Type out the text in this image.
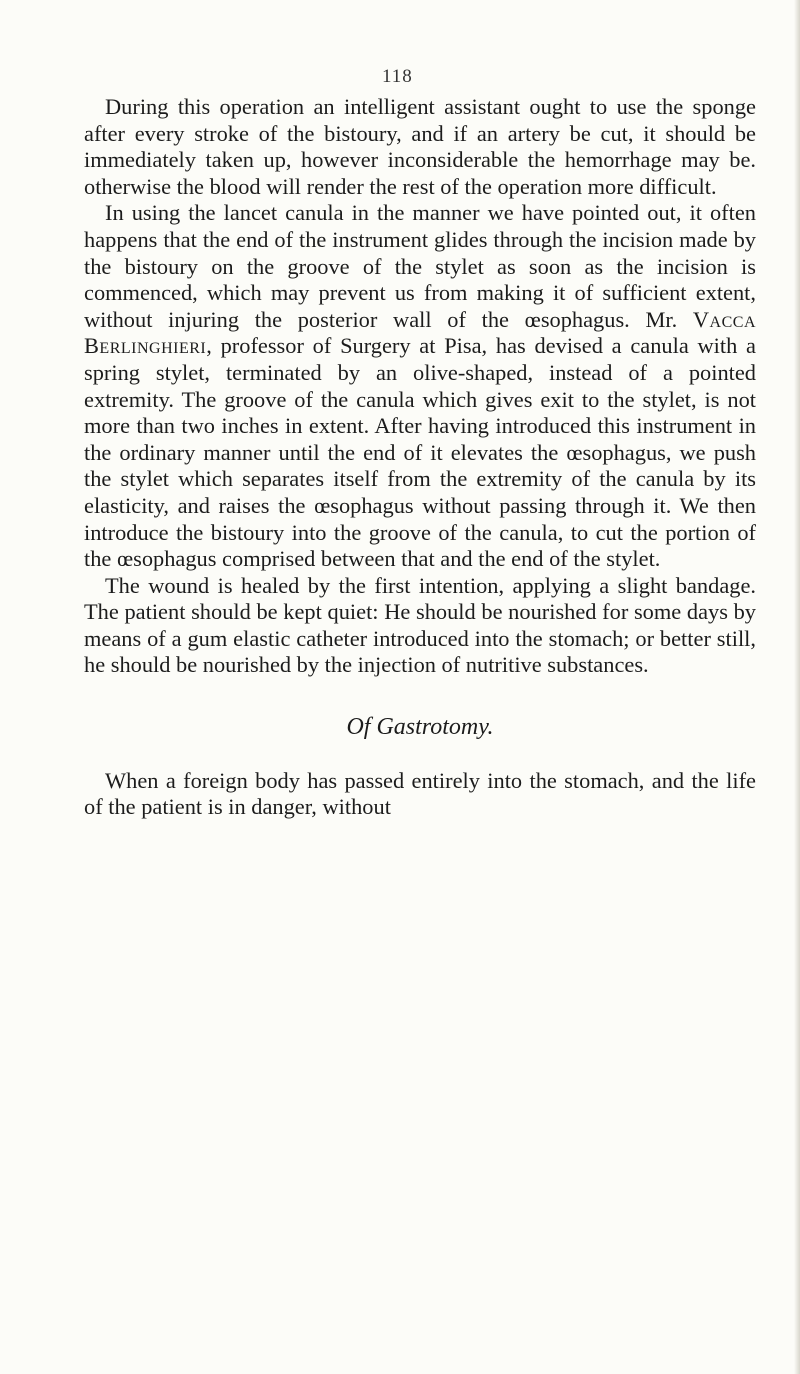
118

During this operation an intelligent assistant ought to use the sponge after every stroke of the bistoury, and if an artery be cut, it should be immediately taken up, however inconsiderable the hemorrhage may be. otherwise the blood will render the rest of the operation more difficult.

In using the lancet canula in the manner we have pointed out, it often happens that the end of the instrument glides through the incision made by the bistoury on the groove of the stylet as soon as the incision is commenced, which may prevent us from making it of sufficient extent, without injuring the posterior wall of the œsophagus. Mr. Vacca Berlinghieri, professor of Surgery at Pisa, has devised a canula with a spring stylet, terminated by an olive-shaped, instead of a pointed extremity. The groove of the canula which gives exit to the stylet, is not more than two inches in extent. After having introduced this instrument in the ordinary manner until the end of it elevates the œsophagus, we push the stylet which separates itself from the extremity of the canula by its elasticity, and raises the œsophagus without passing through it. We then introduce the bistoury into the groove of the canula, to cut the portion of the œsophagus comprised between that and the end of the stylet.

The wound is healed by the first intention, applying a slight bandage. The patient should be kept quiet: He should be nourished for some days by means of a gum elastic catheter introduced into the stomach; or better still, he should be nourished by the injection of nutritive substances.

Of Gastrotomy.

When a foreign body has passed entirely into the stomach, and the life of the patient is in danger, without
